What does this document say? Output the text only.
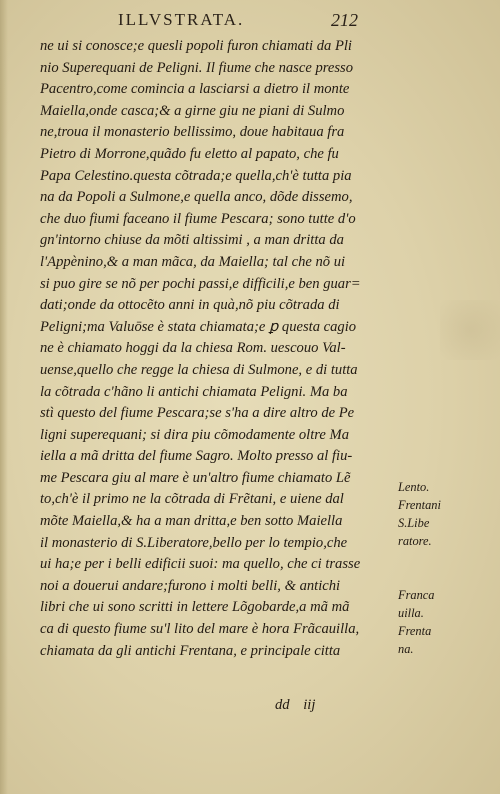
ILLVSTRATA.	212
ne ui si conosce;e quesli popoli furon chiamati da Pli
nio Superequani de Peligni. Il fiume che nasce presso
Pacentro,come comincia a lasciarsi a dietro il monte
Maiella,onde casca;& a girne giu ne piani di Sulmo
ne,troua il monasterio bellissimo, doue habitaua fra
Pietro di Morrone,quãdo fu eletto al papato, che fu
Papa Celestino.questa cõtrada;e quella,ch'è tutta pia
na da Popoli a Sulmone,e quella anco, dõde dissemo,
che duo fiumi faceano il fiume Pescara; sono tutte d'o
gn'intorno chiuse da mõti altissimi , a man dritta da
l'Appènino,& a man mãca, da Maiella; tal che nõ ui
si puo gire se nõ per pochi passi,e difficili,e ben guar=
dati;onde da ottocẽto anni in quà,nõ piu cõtrada di
Peligni;ma Valuōse è stata chiamata;e ꝑ questa cagio
ne è chiamato hoggi da la chiesa Rom. uescouo Val-
uense,quello che regge la chiesa di Sulmone, e di tutta
la cõtrada c'hãno li antichi chiamata Peligni. Ma ba
stì questo del fiume Pescara;se s'ha a dire altro de Pe
ligni superequani; si dira piu cõmodamente oltre Ma
iella a mã dritta del fiume Sagro. Molto presso al fiu-
me Pescara giu al mare è un'altro fiume chiamato Lẽ
to,ch'è il primo ne la cõtrada di Frẽtani, e uiene dal
mõte Maiella,& ha a man dritta,e ben sotto Maiella
il monasterio di S.Liberatore,bello per lo tempio,che
ui ha;e per i belli edificii suoi: ma quello, che ci trasse
noi a douerui andare;furono i molti belli, & antichi
libri che ui sono scritti in lettere Lõgobarde,a mã mã
ca di questo fiume su'l lito del mare è hora Frãcauilla,
chiamata da gli antichi Frentana, e principale citta
Lento.
Frentani
S.Libe
ratore.
Franca
uilla.
Frenta
na.
dd iij
